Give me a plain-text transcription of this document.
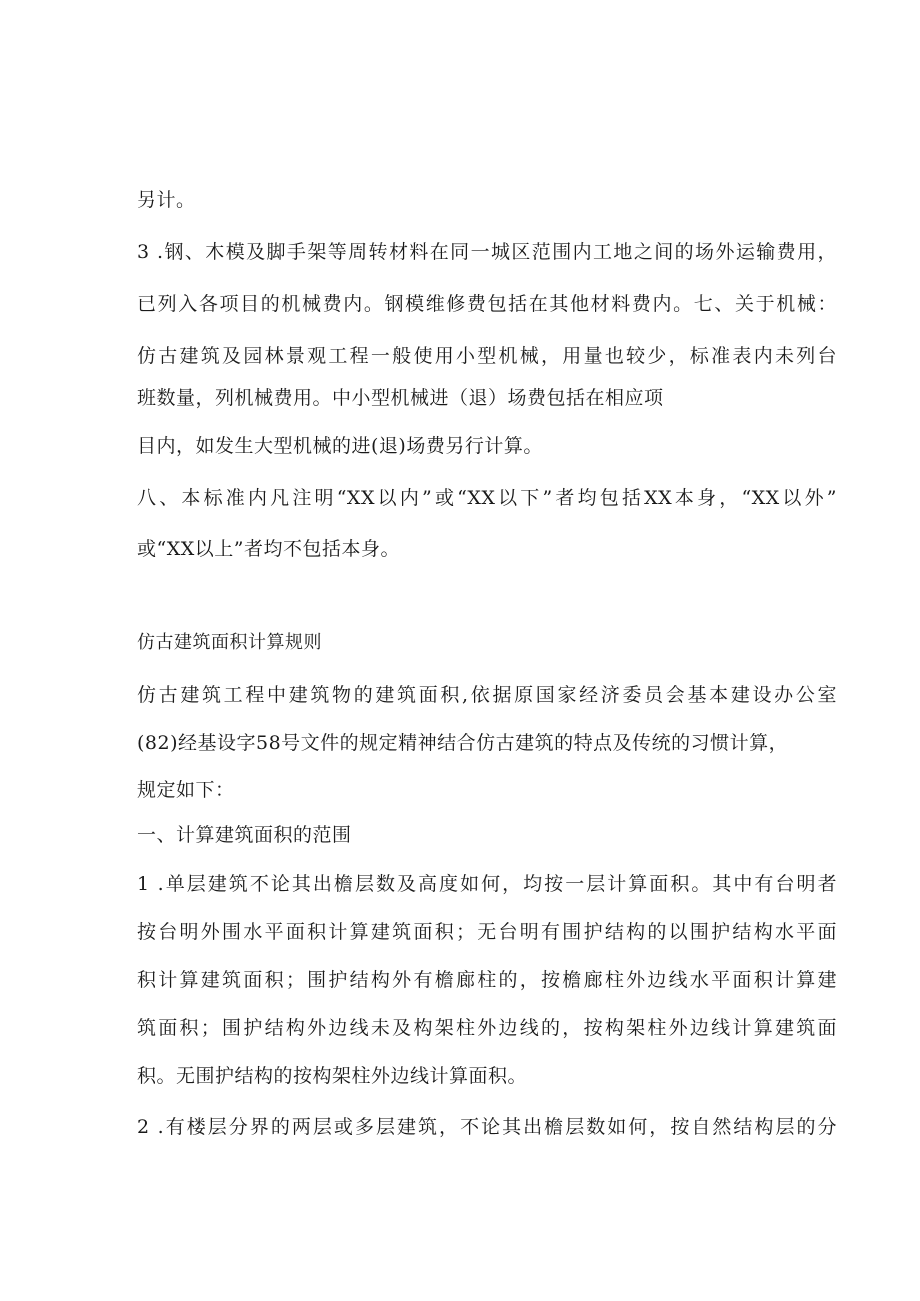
另计。
3 .钢、木模及脚手架等周转材料在同一城区范围内工地之间的场外运输费用，
已列入各项目的机械费内。钢模维修费包括在其他材料费内。七、关于机械：
仿古建筑及园林景观工程一般使用小型机械，用量也较少，标准表内未列台
班数量，列机械费用。中小型机械进（退）场费包括在相应项
目内，如发生大型机械的进(退)场费另行计算。
八、本标准内凡注明“XX以内”或“XX以下”者均包括XX本身，“XX以外”
或“XX以上”者均不包括本身。
仿古建筑面积计算规则
仿古建筑工程中建筑物的建筑面积,依据原国家经济委员会基本建设办公室
(82)经基设字58号文件的规定精神结合仿古建筑的特点及传统的习惯计算，
规定如下：
一、计算建筑面积的范围
1 .单层建筑不论其出檐层数及高度如何，均按一层计算面积。其中有台明者
按台明外围水平面积计算建筑面积；无台明有围护结构的以围护结构水平面
积计算建筑面积；围护结构外有檐廊柱的，按檐廊柱外边线水平面积计算建
筑面积；围护结构外边线未及构架柱外边线的，按构架柱外边线计算建筑面
积。无围护结构的按构架柱外边线计算面积。
2 .有楼层分界的两层或多层建筑，不论其出檐层数如何，按自然结构层的分
